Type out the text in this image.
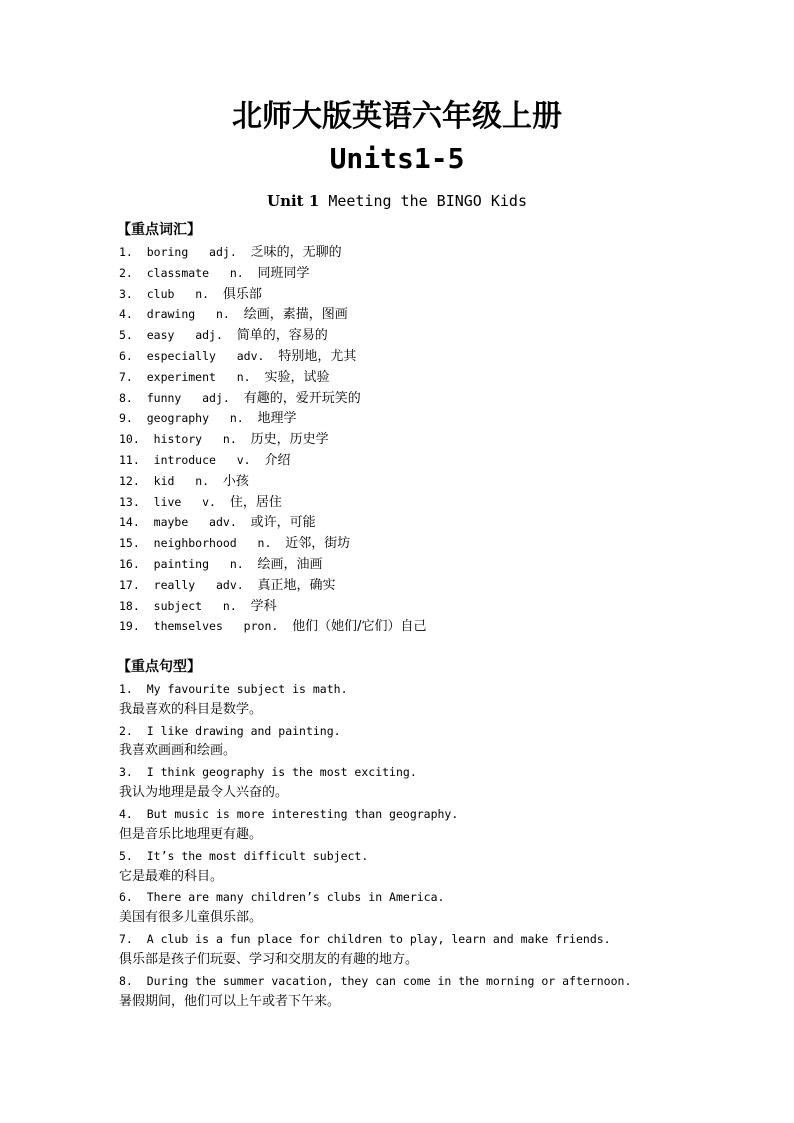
北师大版英语六年级上册
Units1-5
Unit 1 Meeting the BINGO Kids
【重点词汇】
1. boring adj. 乏味的，无聊的
2. classmate n. 同班同学
3. club n. 俱乐部
4. drawing n. 绘画，素描，图画
5. easy adj. 简单的，容易的
6. especially adv. 特别地，尤其
7. experiment n. 实验，试验
8. funny adj. 有趣的，爱开玩笑的
9. geography n. 地理学
10. history n. 历史，历史学
11. introduce v. 介绍
12. kid n. 小孩
13. live v. 住，居住
14. maybe adv. 或许，可能
15. neighborhood n. 近邻，街坊
16. painting n. 绘画，油画
17. really adv. 真正地，确实
18. subject n. 学科
19. themselves pron. 他们（她们/它们）自己
【重点句型】
1. My favourite subject is math.
我最喜欢的科目是数学。
2. I like drawing and painting.
我喜欢画画和绘画。
3. I think geography is the most exciting.
我认为地理是最令人兴奋的。
4. But music is more interesting than geography.
但是音乐比地理更有趣。
5. It’s the most difficult subject.
它是最难的科目。
6. There are many children’s clubs in America.
美国有很多儿童俱乐部。
7. A club is a fun place for children to play, learn and make friends.
俱乐部是孩子们玩耍、学习和交朋友的有趣的地方。
8. During the summer vacation, they can come in the morning or afternoon.
暑假期间，他们可以上午或者下午来。
